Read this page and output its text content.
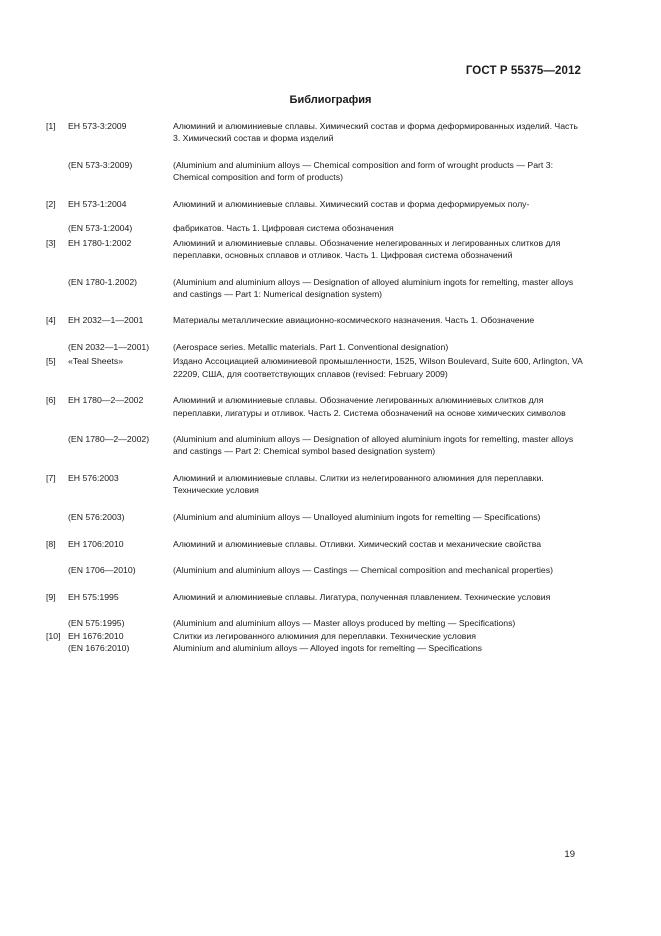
ГОСТ Р 55375—2012
Библиография
[1]	ЕН 573-3:2009	Алюминий и алюминиевые сплавы. Химический состав и форма деформированных изделий. Часть 3. Химический состав и форма изделий
(EN 573-3:2009)	(Aluminium and aluminium alloys — Chemical composition and form of wrought products — Part 3: Chemical composition and form of products)
[2]	ЕН 573-1:2004	Алюминий и алюминиевые сплавы. Химический состав и форма деформируемых полу-
(EN 573-1:2004)	фабрикатов. Часть 1. Цифровая система обозначения
[3]	ЕН 1780-1:2002	Алюминий и алюминиевые сплавы. Обозначение нелегированных и легированных слитков для переплавки, основных сплавов и отливок. Часть 1. Цифровая система обозначений
(EN 1780-1.2002)	(Aluminium and aluminium alloys — Designation of alloyed aluminium ingots for remelting, master alloys and castings — Part 1: Numerical designation system)
[4]	ЕН 2032—1—2001	Материалы металлические авиационно-космического назначения. Часть 1. Обозначение
(EN 2032—1—2001)	(Aerospace series. Metallic materials. Part 1. Conventional designation)
[5]	«Teal Sheets»	Издано Ассоциацией алюминиевой промышленности, 1525, Wilson Boulevard, Suite 600, Arlington, VA 22209, США, для соответствующих сплавов (revised: February 2009)
[6]	ЕН 1780—2—2002	Алюминий и алюминиевые сплавы. Обозначение легированных алюминиевых слитков для переплавки, лигатуры и отливок. Часть 2. Система обозначений на основе химических символов
(EN 1780—2—2002)	(Aluminium and aluminium alloys — Designation of alloyed aluminium ingots for remelting, master alloys and castings — Part 2: Chemical symbol based designation system)
[7]	ЕН 576:2003	Алюминий и алюминиевые сплавы. Слитки из нелегированного алюминия для переплавки. Технические условия
(EN 576:2003)	(Aluminium and aluminium alloys — Unalloyed aluminium ingots for remelting — Specifications)
[8]	ЕН 1706:2010	Алюминий и алюминиевые сплавы. Отливки. Химический состав и механические свойства
(EN 1706—2010)	(Aluminium and aluminium alloys — Castings — Chemical composition and mechanical properties)
[9]	ЕН 575:1995	Алюминий и алюминиевые сплавы. Лигатура, полученная плавлением. Технические условия
(EN 575:1995)	(Aluminium and aluminium alloys — Master alloys produced by melting — Specifications)
[10] ЕН 1676:2010	Слитки из легированного алюминия для переплавки. Технические условия
(EN 1676:2010)	Aluminium and aluminium alloys — Alloyed ingots for remelting — Specifications
19
